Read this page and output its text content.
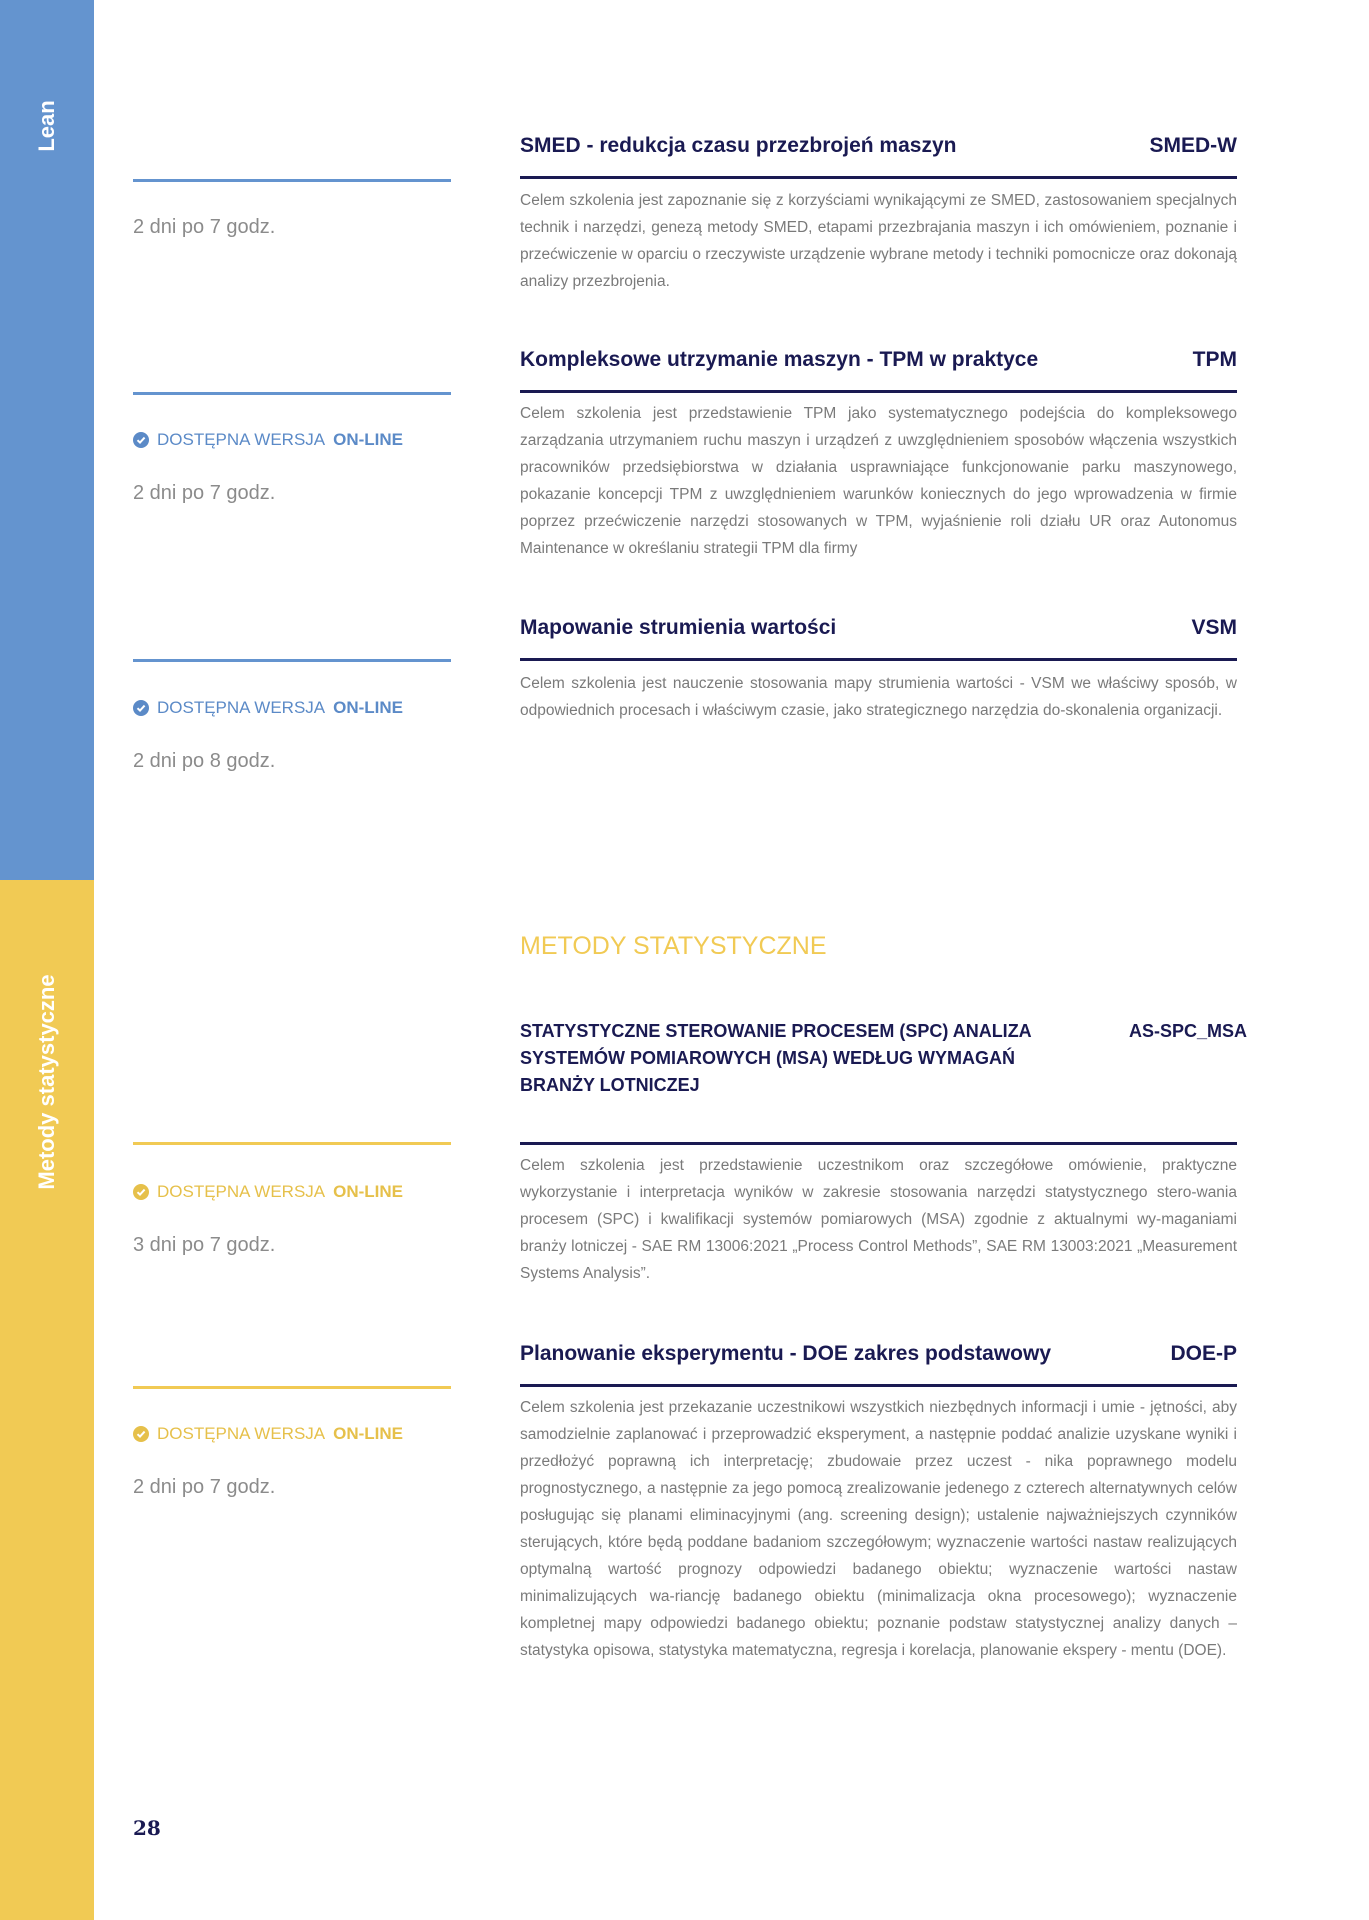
Lean
Metody statystyczne
SMED - redukcja czasu przezbrojeń maszyn	SMED-W
2 dni po 7 godz.
Celem szkolenia jest zapoznanie się z korzyściami wynikającymi ze SMED, zastosowaniem specjalnych technik i narzędzi, genezą metody SMED, etapami przezbrajania maszyn i ich omówieniem, poznanie i przećwiczenie w oparciu o rzeczywiste urządzenie wybrane metody i techniki pomocnicze oraz dokonają analizy przezbrojenia.
Kompleksowe utrzymanie maszyn - TPM w praktyce	TPM
DOSTĘPNA WERSJA ON-LINE
2 dni po 7 godz.
Celem szkolenia jest przedstawienie TPM jako systematycznego podejścia do kompleksowego zarządzania utrzymaniem ruchu maszyn i urządzeń z uwzględnieniem sposobów włączenia wszystkich pracowników przedsiębiorstwa w działania usprawniające funkcjonowanie parku maszynowego, pokazanie koncepcji TPM z uwzględnieniem warunków koniecznych do jego wprowadzenia w firmie poprzez przećwiczenie narzędzi stosowanych w TPM, wyjaśnienie roli działu UR oraz Autonomus Maintenance w określaniu strategii TPM dla firmy
Mapowanie strumienia wartości	VSM
DOSTĘPNA WERSJA ON-LINE
2 dni po 8 godz.
Celem szkolenia jest nauczenie stosowania mapy strumienia wartości - VSM we właściwy sposób, w odpowiednich procesach i właściwym czasie, jako strategicznego narzędzia do-skonalenia organizacji.
METODY STATYSTYCZNE
STATYSTYCZNE STEROWANIE PROCESEM (SPC) ANALIZA SYSTEMÓW POMIAROWYCH (MSA) WEDŁUG WYMAGAŃ BRANŻY LOTNICZEJ
AS-SPC_MSA
DOSTĘPNA WERSJA ON-LINE
3 dni po 7 godz.
Celem szkolenia jest przedstawienie uczestnikom oraz szczegółowe omówienie, praktyczne wykorzystanie i interpretacja wyników w zakresie stosowania narzędzi statystycznego stero-wania procesem (SPC) i kwalifikacji systemów pomiarowych (MSA) zgodnie z aktualnymi wy-maganiami branży lotniczej - SAE RM 13006:2021 „Process Control Methods”, SAE RM 13003:2021 „Measurement Systems Analysis”.
Planowanie eksperymentu - DOE zakres podstawowy	DOE-P
DOSTĘPNA WERSJA ON-LINE
2 dni po 7 godz.
Celem szkolenia jest przekazanie uczestnikowi wszystkich niezbędnych informacji i umie - jętności, aby samodzielnie zaplanować i przeprowadzić eksperyment, a następnie poddać analizie uzyskane wyniki i przedłożyć poprawną ich interpretację; zbudowaie przez uczest - nika poprawnego modelu prognostycznego, a następnie za jego pomocą zrealizowanie jedenego z czterech alternatywnych celów posługując się planami eliminacyjnymi (ang. screening design); ustalenie najważniejszych czynników sterujących, które będą poddane badaniom szczegółowym; wyznaczenie wartości nastaw realizujących optymalną wartość prognozy odpowiedzi badanego obiektu; wyznaczenie wartości nastaw minimalizujących wa-riancję badanego obiektu (minimalizacja okna procesowego); wyznaczenie kompletnej mapy odpowiedzi badanego obiektu; poznanie podstaw statystycznej analizy danych – statystyka opisowa, statystyka matematyczna, regresja i korelacja, planowanie ekspery - mentu (DOE).
28
